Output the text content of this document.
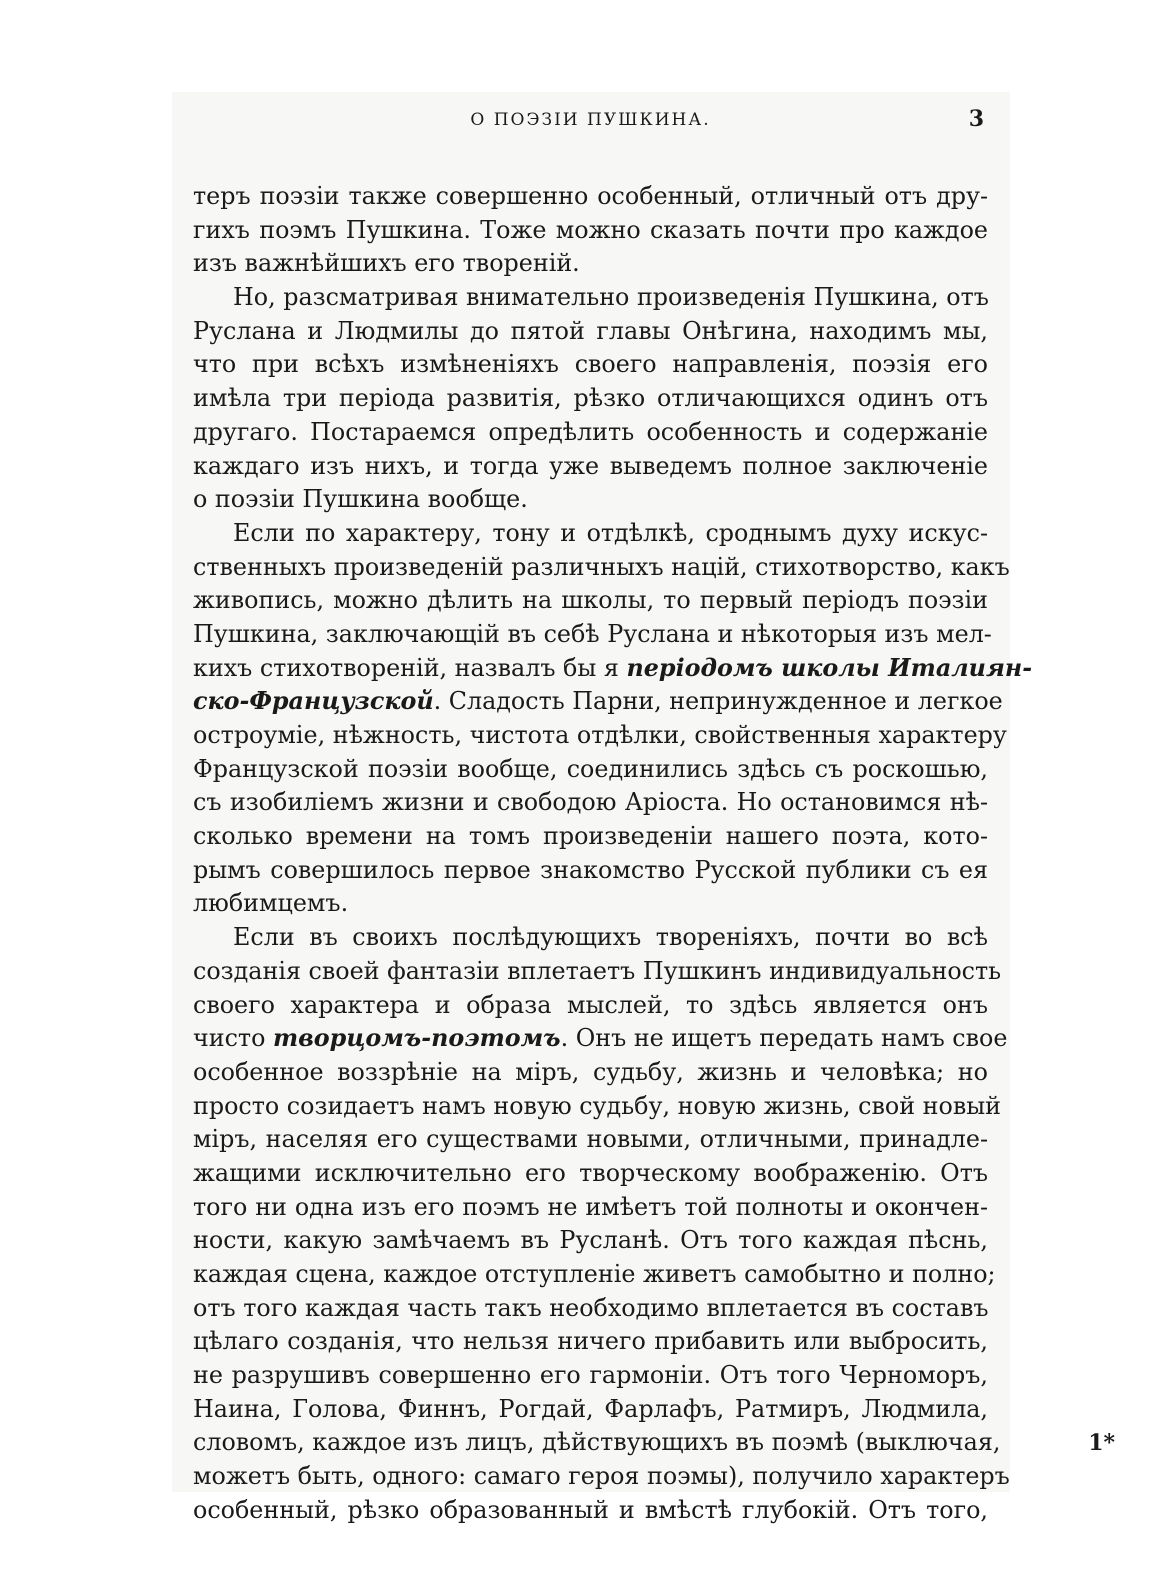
О ПОЭЗІИ ПУШКИНА.	3
теръ поэзіи также совершенно особенный, отличный отъ дру-
гихъ поэмъ Пушкина. Тоже можно сказать почти про каждое
изъ важнѣйшихъ его твореній.
Но, разсматривая внимательно произведенія Пушкина, отъ
Руслана и Людмилы до пятой главы Онѣгина, находимъ мы,
что при всѣхъ измѣненіяхъ своего направленія, поэзія его
имѣла три періода развитія, рѣзко отличающихся одинъ отъ
другаго. Постараемся опредѣлить особенность и содержаніе
каждаго изъ нихъ, и тогда уже выведемъ полное заключеніе
о поэзіи Пушкина вообще.
Если по характеру, тону и отдѣлкѣ, сроднымъ духу искус-
ственныхъ произведеній различныхъ націй, стихотворство, какъ
живопись, можно дѣлить на школы, то первый періодъ поэзіи
Пушкина, заключающій въ себѣ Руслана и нѣкоторыя изъ мел-
кихъ стихотвореній, назвалъ бы я періодомъ школы Италиян-
ско-Французской. Сладость Парни, непринужденное и легкое
остроуміе, нѣжность, чистота отдѣлки, свойственныя характеру
Французской поэзіи вообще, соединились здѣсь съ роскошью,
съ изобиліемъ жизни и свободою Аріоста. Но остановимся нѣ-
сколько времени на томъ произведеніи нашего поэта, кото-
рымъ совершилось первое знакомство Русской публики съ ея
любимцемъ.
Если въ своихъ послѣдующихъ твореніяхъ, почти во всѣ
созданія своей фантазіи вплетаетъ Пушкинъ индивидуальность
своего характера и образа мыслей, то здѣсь является онъ
чисто творцомъ-поэтомъ. Онъ не ищетъ передать намъ свое
особенное воззрѣніе на міръ, судьбу, жизнь и человѣка; но
просто созидаетъ намъ новую судьбу, новую жизнь, свой новый
міръ, населяя его существами новыми, отличными, принадле-
жащими исключительно его творческому воображенію. Отъ
того ни одна изъ его поэмъ не имѣетъ той полноты и окончен-
ности, какую замѣчаемъ въ Русланѣ. Отъ того каждая пѣснь,
каждая сцена, каждое отступленіе живетъ самобытно и полно;
отъ того каждая часть такъ необходимо вплетается въ составъ
цѣлаго созданія, что нельзя ничего прибавить или выбросить,
не разрушивъ совершенно его гармоніи. Отъ того Черноморъ,
Наина, Голова, Финнъ, Рогдай, Фарлафъ, Ратмиръ, Людмила,
словомъ, каждое изъ лицъ, дѣйствующихъ въ поэмѣ (выключая,
можетъ быть, одного: самаго героя поэмы), получило характеръ
особенный, рѣзко образованный и вмѣстѣ глубокій. Отъ того,
1*
